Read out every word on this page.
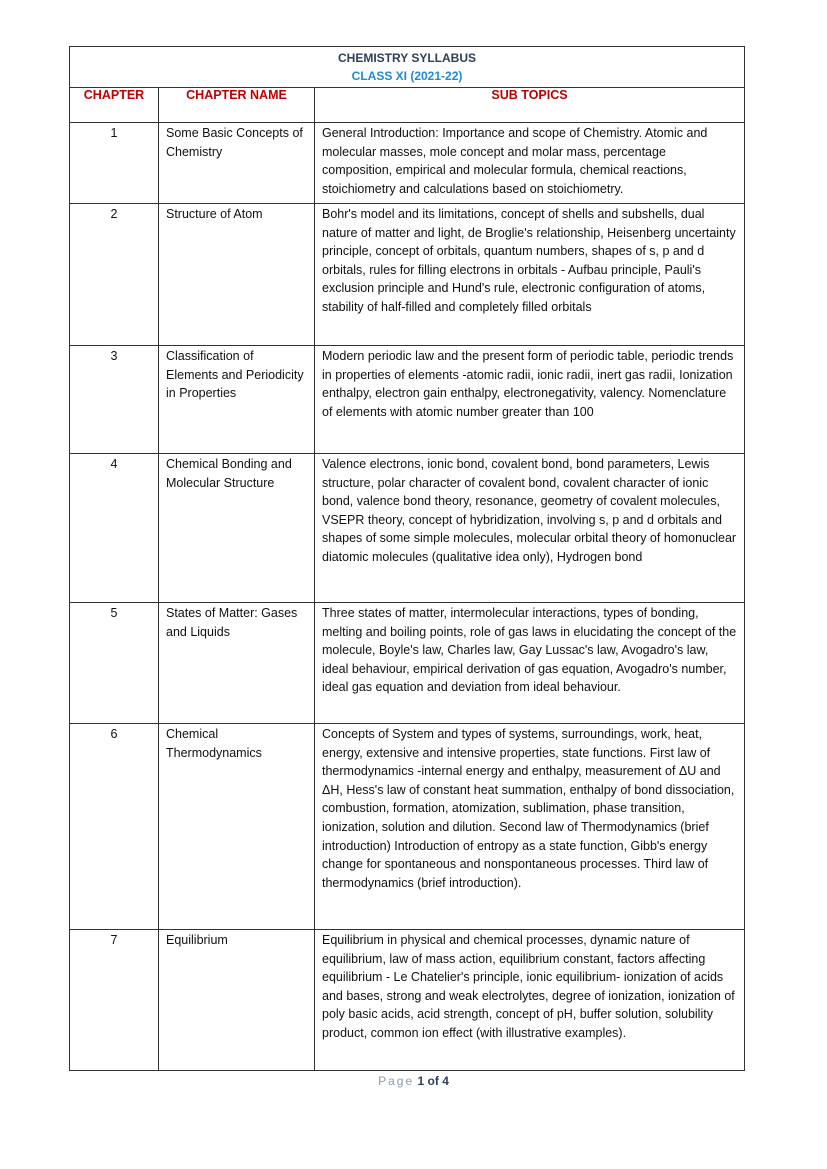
CHEMISTRY SYLLABUS
CLASS XI (2021-22)		

CHAPTER	CHAPTER NAME	SUB TOPICS
1	Some Basic Concepts of Chemistry	General Introduction: Importance and scope of Chemistry. Atomic and molecular masses, mole concept and molar mass, percentage composition, empirical and molecular formula, chemical reactions, stoichiometry and calculations based on stoichiometry.
2	Structure of Atom	Bohr's model and its limitations, concept of shells and subshells, dual nature of matter and light, de Broglie's relationship, Heisenberg uncertainty principle, concept of orbitals, quantum numbers, shapes of s, p and d orbitals, rules for filling electrons in orbitals - Aufbau principle, Pauli's exclusion principle and Hund's rule, electronic configuration of atoms, stability of half-filled and completely filled orbitals
3	Classification of Elements and Periodicity in Properties	Modern periodic law and the present form of periodic table, periodic trends in properties of elements -atomic radii, ionic radii, inert gas radii, Ionization enthalpy, electron gain enthalpy, electronegativity, valency. Nomenclature of elements with atomic number greater than 100
4	Chemical Bonding and Molecular Structure	Valence electrons, ionic bond, covalent bond, bond parameters, Lewis structure, polar character of covalent bond, covalent character of ionic bond, valence bond theory, resonance, geometry of covalent molecules, VSEPR theory, concept of hybridization, involving s, p and d orbitals and shapes of some simple molecules, molecular orbital theory of homonuclear diatomic molecules (qualitative idea only), Hydrogen bond
5	States of Matter: Gases and Liquids	Three states of matter, intermolecular interactions, types of bonding, melting and boiling points, role of gas laws in elucidating the concept of the molecule, Boyle's law, Charles law, Gay Lussac's law, Avogadro's law, ideal behaviour, empirical derivation of gas equation, Avogadro's number, ideal gas equation and deviation from ideal behaviour.
6	Chemical Thermodynamics	Concepts of System and types of systems, surroundings, work, heat, energy, extensive and intensive properties, state functions. First law of thermodynamics -internal energy and enthalpy, measurement of ΔU and ΔH, Hess's law of constant heat summation, enthalpy of bond dissociation, combustion, formation, atomization, sublimation, phase transition, ionization, solution and dilution. Second law of Thermodynamics (brief introduction) Introduction of entropy as a state function, Gibb's energy change for spontaneous and nonspontaneous processes. Third law of thermodynamics (brief introduction).
7	Equilibrium	Equilibrium in physical and chemical processes, dynamic nature of equilibrium, law of mass action, equilibrium constant, factors affecting equilibrium - Le Chatelier's principle, ionic equilibrium- ionization of acids and bases, strong and weak electrolytes, degree of ionization, ionization of poly basic acids, acid strength, concept of pH, buffer solution, solubility product, common ion effect (with illustrative examples).
Page 1 of 4
